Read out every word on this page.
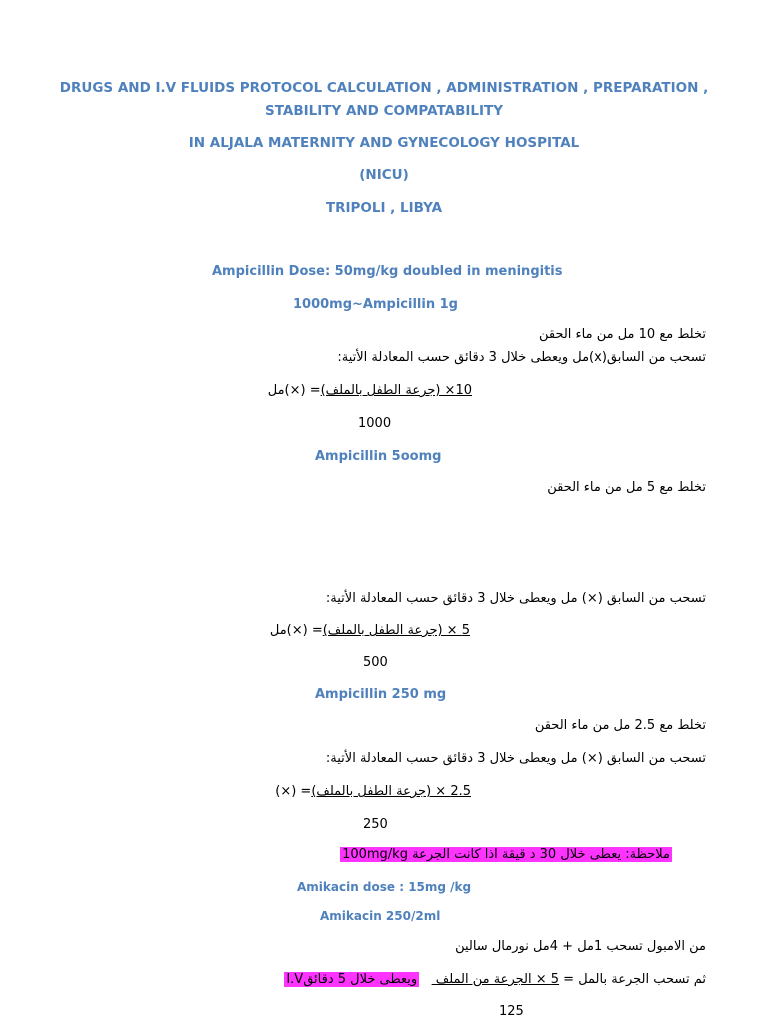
DRUGS AND I.V FLUIDS PROTOCOL CALCULATION , ADMINISTRATION , PREPARATION ,
STABILITY AND COMPATABILITY
IN ALJALA MATERNITY AND GYNECOLOGY HOSPITAL
(NICU)
TRIPOLI , LIBYA
Ampicillin Dose: 50mg/kg doubled in meningitis
1000mg~Ampicillin 1g
تخلط مع 10 مل من ماء الحقن
تسحب من السابق(x)مل ويعطى خلال 3 دقائق حسب المعادلة الأتية:
10× (جرعة الطفل بالملف)= (×)مل
1000
Ampicillin 5oomg
تخلط مع 5 مل من ماء الحقن
تسحب من السابق (×) مل ويعطى خلال 3 دقائق حسب المعادلة الأتية:
5 × (جرعة الطفل بالملف)= (×)مل
500
Ampicillin 250 mg
تخلط مع 2.5 مل من ماء الحقن
تسحب من السابق (×) مل ويعطى خلال 3 دقائق حسب المعادلة الأتية:
2.5 × (جرعة الطفل بالملف)= (×)
250
ملاحظة: يعطى خلال 30 د قيقة اذا كانت الجرعة 100mg/kg
Amikacin dose : 15mg /kg
Amikacin 250/2ml
من الامبول تسحب 1مل + 4مل نورمال سالين
ثم تسحب الجرعة بالمل = 5 × الجرعة من الملف    ويعطى خلال 5 دقائقI.V
125
